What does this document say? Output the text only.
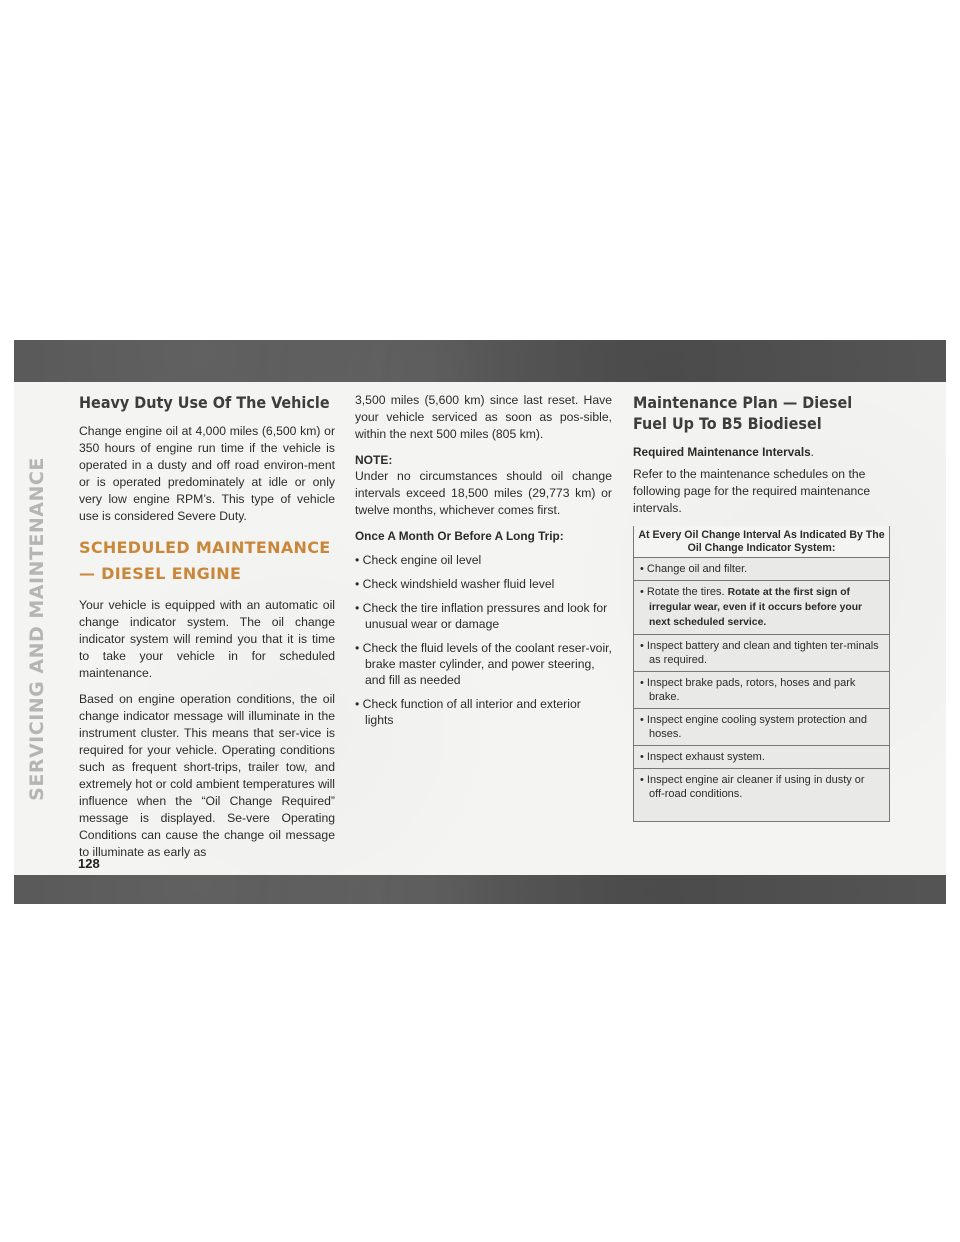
SERVICING AND MAINTENANCE
Heavy Duty Use Of The Vehicle

Change engine oil at 4,000 miles (6,500 km) or 350 hours of engine run time if the vehicle is operated in a dusty and off road environ-ment or is operated predominately at idle or only very low engine RPM’s. This type of vehicle use is considered Severe Duty.

SCHEDULED MAINTENANCE — DIESEL ENGINE

Your vehicle is equipped with an automatic oil change indicator system. The oil change indicator system will remind you that it is time to take your vehicle in for scheduled maintenance.

Based on engine operation conditions, the oil change indicator message will illuminate in the instrument cluster. This means that ser-vice is required for your vehicle. Operating conditions such as frequent short-trips, trailer tow, and extremely hot or cold ambient temperatures will influence when the “Oil Change Required” message is displayed. Se-vere Operating Conditions can cause the change oil message to illuminate as early as

3,500 miles (5,600 km) since last reset. Have your vehicle serviced as soon as pos-sible, within the next 500 miles (805 km).

NOTE:

Under no circumstances should oil change intervals exceed 18,500 miles (29,773 km) or twelve months, whichever comes first.

Once A Month Or Before A Long Trip:

• Check engine oil level
• Check windshield washer fluid level
• Check the tire inflation pressures and look for unusual wear or damage
• Check the fluid levels of the coolant reser-voir, brake master cylinder, and power steering, and fill as needed
• Check function of all interior and exterior lights
Maintenance Plan — Diesel Fuel Up To B5 Biodiesel

Required Maintenance Intervals.

Refer to the maintenance schedules on the following page for the required maintenance intervals.

At Every Oil Change Interval As Indicated By The Oil Change Indicator System:
• Change oil and filter.
• Rotate the tires. Rotate at the first sign of irregular wear, even if it occurs before your next scheduled service.
• Inspect battery and clean and tighten ter-minals as required.
• Inspect brake pads, rotors, hoses and park brake.
• Inspect engine cooling system protection and hoses.
• Inspect exhaust system.
• Inspect engine air cleaner if using in dusty or off-road conditions.
128
